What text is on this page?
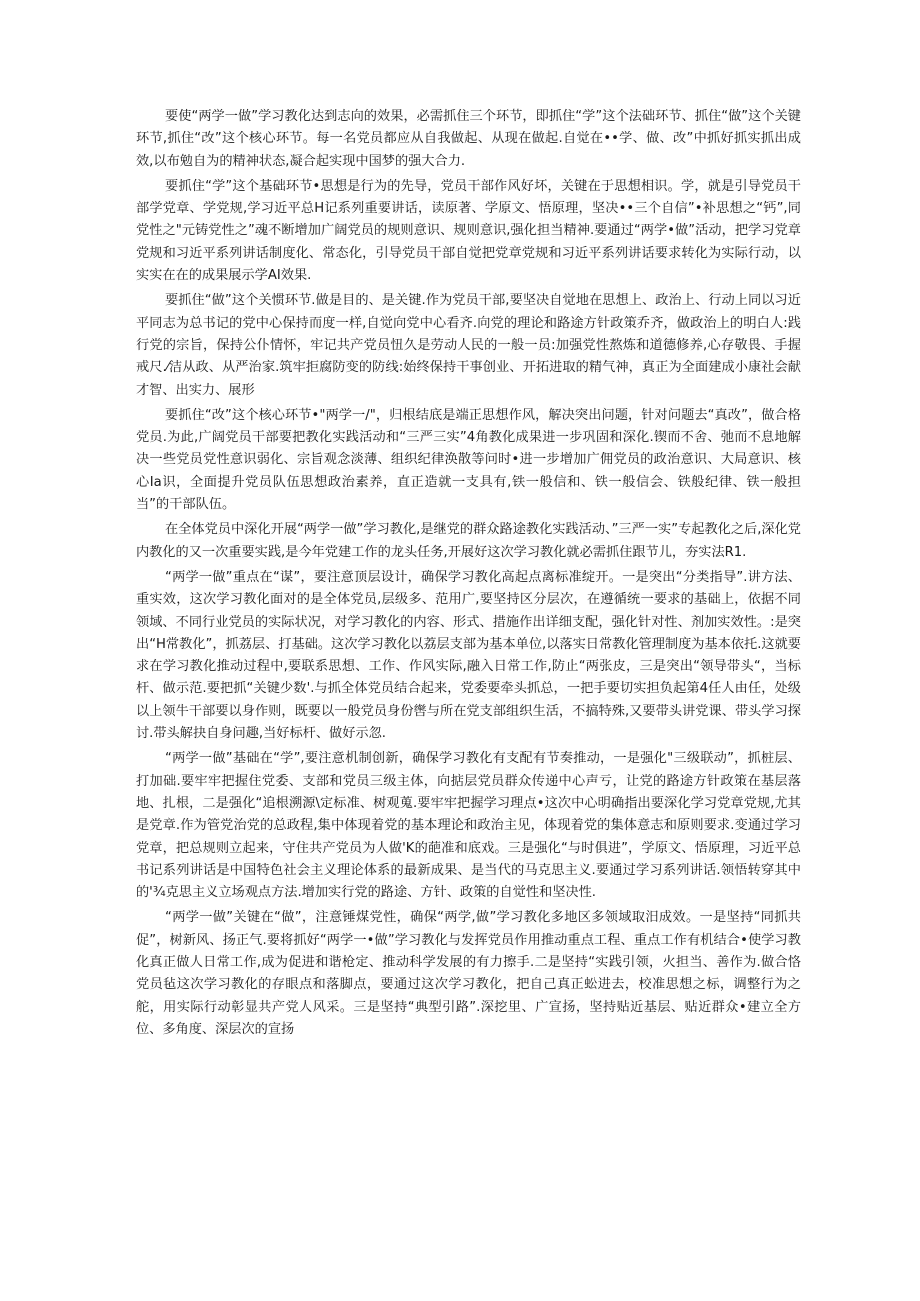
要使“两学一做”学习教化达到志向的效果，必需抓住三个环节，即抓住“学”这个法础环节、抓住“做”这个关键环节,抓住“改”这个核心环节。每一名党员都应从自我做起、从现在做起.自觉在••学、做、改”中抓好抓实抓出成效,以布勉自为的精神状态,凝合起实现中国梦的强大合力.

要抓住“学”这个基础环节•思想是行为的先导，党员干部作风好坏，关键在于思想相识。学，就是引导党员干部学党章、学党规,学习近平总H记系列重要讲话，读原著、学原文、悟原理，坚决••三个自信”•补思想之“钙”,同党性之"元铸党性之”魂不断增加广阔党员的规则意识、规则意识,强化担当精神.要通过“两学•做”活动，把学习党章党规和习近平系列讲话制度化、常态化，引导党员干部自觉把党章党规和习近平系列讲话要求转化为实际行动，以实实在在的成果展示学AI效果.

要抓住“做”这个关惯环节.做是目的、是关键.作为党员干部,要坚决自觉地在思想上、政治上、行动上同以习近平同志为总书记的党中心保持而度一样,自觉向党中心看齐.向党的理论和路途方针政策乔齐，做政治上的明白人:践行党的宗旨，保持公仆情怀，牢记共产党员忸久是劳动人民的一般一员:加强党性熬炼和道德修养,心存敬畏、手握戒尺.⁄洁从政、从严治家.筑牢拒腐防变的防线:始终保持干事创业、开拓进取的精气神，真正为全面建成小康社会献才智、出实力、展形

要抓住“改”这个核心环节•"两学一/"，归根结底是端正思想作风，解决突出问题，针对问题去“真改”，做合格党员.为此,广阔党员干部要把教化实践活动和“三严三实”4角教化成果进一步巩固和深化.锲而不舍、弛而不息地解决一些党员党性意识弱化、宗旨观念淡薄、组织纪律涣散等问时•进一步增加广佣党员的政治意识、大局意识、核心Ia识，全面提升党员队伍思想政治素养，直正造就一支具有,铁一般信和、铁一般信会、铁般纪律、铁一般担当”的干部队伍。

在全体党员中深化开展“两学一做”学习教化,是继党的群众路途教化实践活动、”三严一实”专起教化之后,深化党内教化的又一次重要实践,是今年党建工作的龙头任务,开展好这次学习教化就必需抓住跟节儿，夯实法R1.

“两学一做”重点在“谋”，要注意顶层设计，确保学习教化高起点离标准绽开。一是突出“分类指导”.讲方法、重实效，这次学习教化面对的是全体党员,层级多、范用广,要坚持区分层次，在遵循统一要求的基础上，依据不同领域、不同行业党员的实际状况，对学习教化的内容、形式、措施作出详细支配，强化针对性、剂加实效性。:是突出“H常教化”，抓荔层、打基础。这次学习教化以荔层支部为基本单位,以落实日常教化管理制度为基本依托.这就要求在学习教化推动过程中,要联系思想、工作、作风实际,融入日常工作,防止“两张皮，三是突出“领导带头“，当标杆、做示范.要把抓“关键少数'.与抓全体党员结合起来，党委要牵头抓总，一把手要切实担负起第4任人由任，处级以上领牛干部要以身作则，既要以一般党员身份辔与所在党支部组织生活，不搞特殊,又要带头讲党课、带头学习探讨.带头解抉自身问趣,当好标杆、做好示忽.

“两学一做”基础在“学”,要注意机制创新，确保学习教化有支配有节奏推动，一是强化"三级联动”，抓桩层、打加础.要牢牢把握住党委、支部和党员三级主体，向掂层党员群众传递中心声亏，让党的路途方针政策在基层落地、扎根，二是强化“追根溯源\定标准、树观蒐.要牢牢把握学习理点•这次中心明确指出要深化学习党章党规,尤其是党章.作为管党治党的总政程,集中体现着党的基本理论和政治主见，体现着党的集体意志和原则要求.变通过学习党章，把总规则立起来，守住共产党员为人做'K的葩准和底戏。三是强化“与时俱进”，学原文、悟原理，习近平总书记系列讲话是中国特色社会主义理论体系的最新成果、是当代的马克思主义.要通过学习系列讲话.领悟转穿其中的'¾克思主义立场观点方法.增加实行党的路途、方针、政策的自觉性和坚决性.

“两学一做”关键在“做”，注意锤煤党性，确保“两学,做”学习教化多地区多领域取汨成效。一是坚持“同抓共促”，树新风、扬正气.要将抓好“两学一•做”学习教化与发挥党员作用推动重点工程、重点工作有机结合•使学习教化真正做人日常工作,成为促进和谐枪定、推动科学发展的有力擦手.二是坚持“实践引领，火担当、善作为.做合恪党员毡这次学习教化的存眼点和落脚点，要通过这次学习教化，把自己真正蚣进去，校准思想之标，调整行为之舵，用实际行动彰显共产党人风采。三是坚持“典型引路”.深挖里、广宣扬，坚持贴近基层、贴近群众•建立全方位、多角度、深层次的宣扬
